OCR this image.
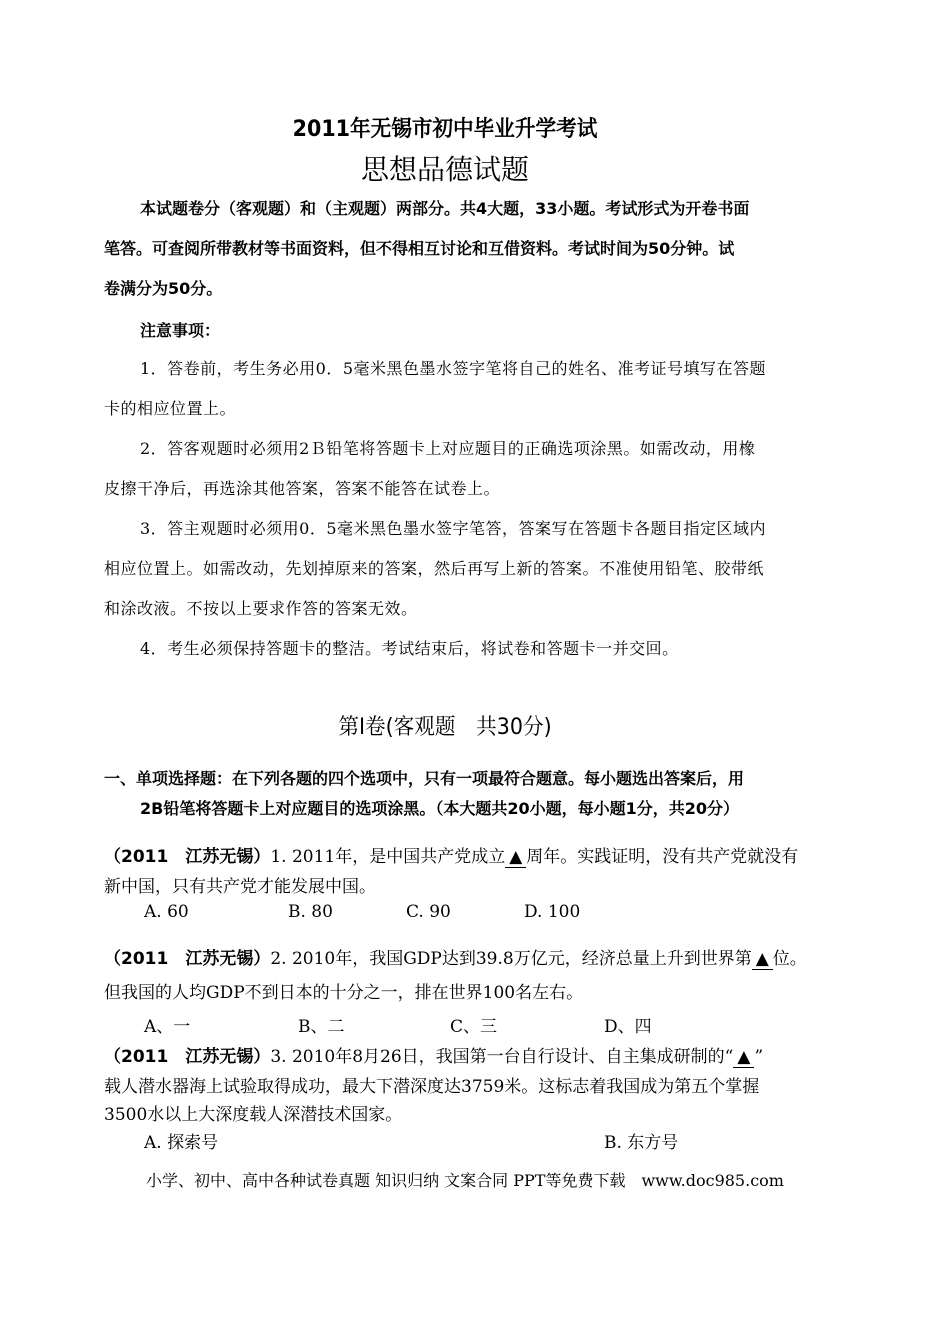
2011年无锡市初中毕业升学考试
思想品德试题
本试题卷分（客观题）和（主观题）两部分。共4大题，33小题。考试形式为开卷书面
笔答。可查阅所带教材等书面资料，但不得相互讨论和互借资料。考试时间为50分钟。试
卷满分为50分。
注意事项：
1．答卷前，考生务必用0．5毫米黑色墨水签字笔将自己的姓名、准考证号填写在答题
卡的相应位置上。
2．答客观题时必须用2Ｂ铅笔将答题卡上对应题目的正确选项涂黑。如需改动，用橡
皮擦干净后，再选涂其他答案，答案不能答在试卷上。
3．答主观题时必须用0．5毫米黑色墨水签字笔答，答案写在答题卡各题目指定区域内
相应位置上。如需改动，先划掉原来的答案，然后再写上新的答案。不准使用铅笔、胶带纸
和涂改液。不按以上要求作答的答案无效。
4．考生必须保持答题卡的整洁。考试结束后，将试卷和答题卡一并交回。
第Ⅰ卷(客观题　共30分)
一、单项选择题：在下列各题的四个选项中，只有一项最符合题意。每小题选出答案后，用
2B铅笔将答题卡上对应题目的选项涂黑。（本大题共20小题，每小题1分，共20分）
（2011　江苏无锡）1. 2011年，是中国共产党成立 ▲ 周年。实践证明，没有共产党就没有
新中国，只有共产党才能发展中国。
A. 60	B. 80	C. 90	D. 100
（2011　江苏无锡）2. 2010年，我国GDP达到39.8万亿元，经济总量上升到世界第 ▲ 位。
但我国的人均GDP不到日本的十分之一，排在世界100名左右。
A、一	B、二	C、三	D、四
（2011　江苏无锡）3. 2010年8月26日，我国第一台自行设计、自主集成研制的“ ▲ ”
载人潜水器海上试验取得成功，最大下潜深度达3759米。这标志着我国成为第五个掌握
3500水以上大深度载人深潜技术国家。
A. 探索号	B. 东方号
小学、初中、高中各种试卷真题 知识归纳 文案合同 PPT等免费下载　www.doc985.com
